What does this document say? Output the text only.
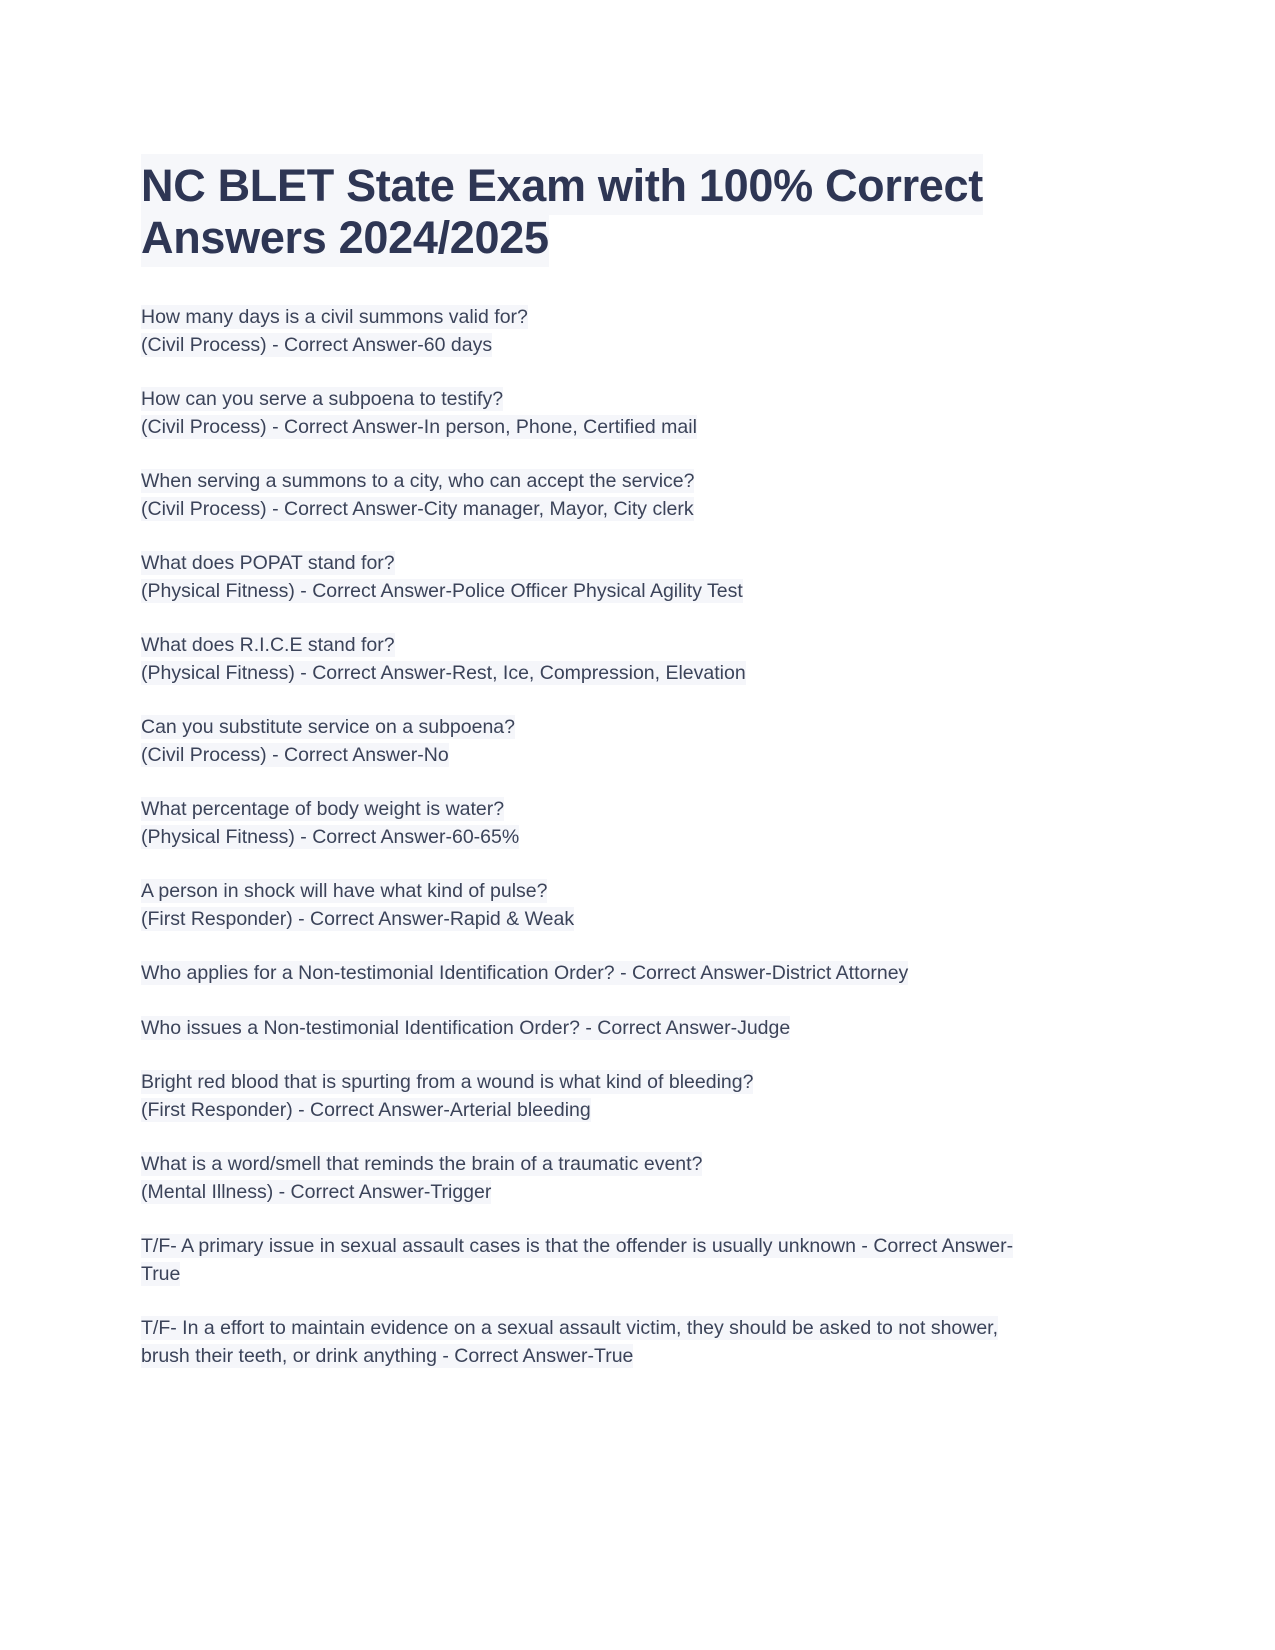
NC BLET State Exam with 100% Correct Answers 2024/2025

How many days is a civil summons valid for?
(Civil Process) - Correct Answer-60 days

How can you serve a subpoena to testify?
(Civil Process) - Correct Answer-In person, Phone, Certified mail

When serving a summons to a city, who can accept the service?
(Civil Process) - Correct Answer-City manager, Mayor, City clerk

What does POPAT stand for?
(Physical Fitness) - Correct Answer-Police Officer Physical Agility Test

What does R.I.C.E stand for?
(Physical Fitness) - Correct Answer-Rest, Ice, Compression, Elevation

Can you substitute service on a subpoena?
(Civil Process) - Correct Answer-No

What percentage of body weight is water?
(Physical Fitness) - Correct Answer-60-65%

A person in shock will have what kind of pulse?
(First Responder) - Correct Answer-Rapid & Weak

Who applies for a Non-testimonial Identification Order? - Correct Answer-District Attorney

Who issues a Non-testimonial Identification Order? - Correct Answer-Judge

Bright red blood that is spurting from a wound is what kind of bleeding?
(First Responder) - Correct Answer-Arterial bleeding

What is a word/smell that reminds the brain of a traumatic event?
(Mental Illness) - Correct Answer-Trigger

T/F- A primary issue in sexual assault cases is that the offender is usually unknown - Correct Answer-True

T/F- In a effort to maintain evidence on a sexual assault victim, they should be asked to not shower, brush their teeth, or drink anything - Correct Answer-True
